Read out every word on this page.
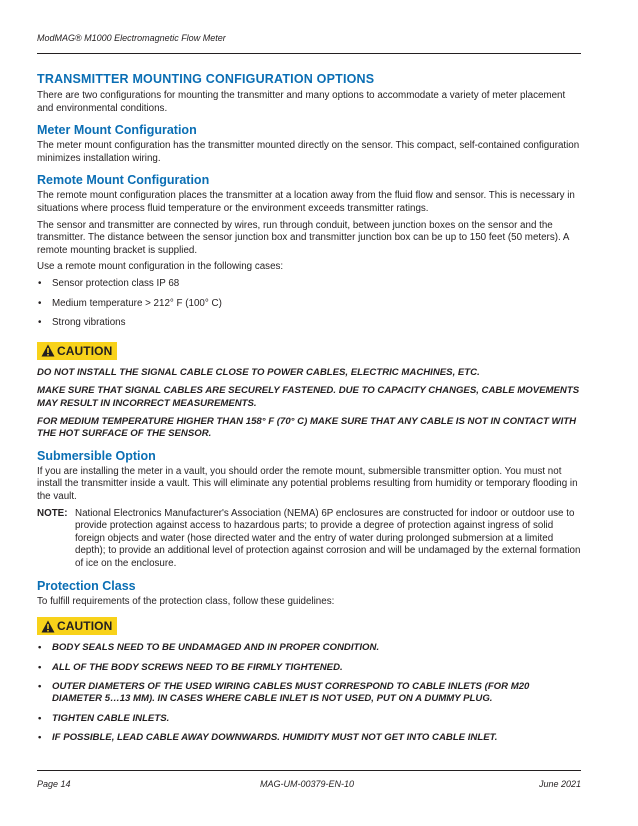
ModMAG® M1000 Electromagnetic Flow Meter
TRANSMITTER MOUNTING CONFIGURATION OPTIONS

There are two configurations for mounting the transmitter and many options to accommodate a variety of meter placement and environmental conditions.

Meter Mount Configuration

The meter mount configuration has the transmitter mounted directly on the sensor. This compact, self-contained configuration minimizes installation wiring.

Remote Mount Configuration

The remote mount configuration places the transmitter at a location away from the fluid flow and sensor. This is necessary in situations where process fluid temperature or the environment exceeds transmitter ratings.

The sensor and transmitter are connected by wires, run through conduit, between junction boxes on the sensor and the transmitter. The distance between the sensor junction box and transmitter junction box can be up to 150 feet (50 meters). A remote mounting bracket is supplied.

Use a remote mount configuration in the following cases:

• Sensor protection class IP 68
• Medium temperature > 212° F (100° C)
• Strong vibrations
CAUTION

DO NOT INSTALL THE SIGNAL CABLE CLOSE TO POWER CABLES, ELECTRIC MACHINES, ETC.

MAKE SURE THAT SIGNAL CABLES ARE SECURELY FASTENED. DUE TO CAPACITY CHANGES, CABLE MOVEMENTS MAY RESULT IN INCORRECT MEASUREMENTS.

FOR MEDIUM TEMPERATURE HIGHER THAN 158° F (70° C) MAKE SURE THAT ANY CABLE IS NOT IN CONTACT WITH THE HOT SURFACE OF THE SENSOR.

Submersible Option

If you are installing the meter in a vault, you should order the remote mount, submersible transmitter option. You must not install the transmitter inside a vault. This will eliminate any potential problems resulting from humidity or temporary flooding in the vault.

NOTE: National Electronics Manufacturer's Association (NEMA) 6P enclosures are constructed for indoor or outdoor use to provide protection against access to hazardous parts; to provide a degree of protection against ingress of solid foreign objects and water (hose directed water and the entry of water during prolonged submersion at a limited depth); to provide an additional level of protection against corrosion and will be undamaged by the external formation of ice on the enclosure.
Protection Class

To fulfill requirements of the protection class, follow these guidelines:

CAUTION
• BODY SEALS NEED TO BE UNDAMAGED AND IN PROPER CONDITION.
• ALL OF THE BODY SCREWS NEED TO BE FIRMLY TIGHTENED.
• OUTER DIAMETERS OF THE USED WIRING CABLES MUST CORRESPOND TO CABLE INLETS (FOR M20 DIAMETER 5…13 MM). IN CASES WHERE CABLE INLET IS NOT USED, PUT ON A DUMMY PLUG.
• TIGHTEN CABLE INLETS.
• IF POSSIBLE, LEAD CABLE AWAY DOWNWARDS. HUMIDITY MUST NOT GET INTO CABLE INLET.
Page 14	MAG-UM-00379-EN-10	June 2021
